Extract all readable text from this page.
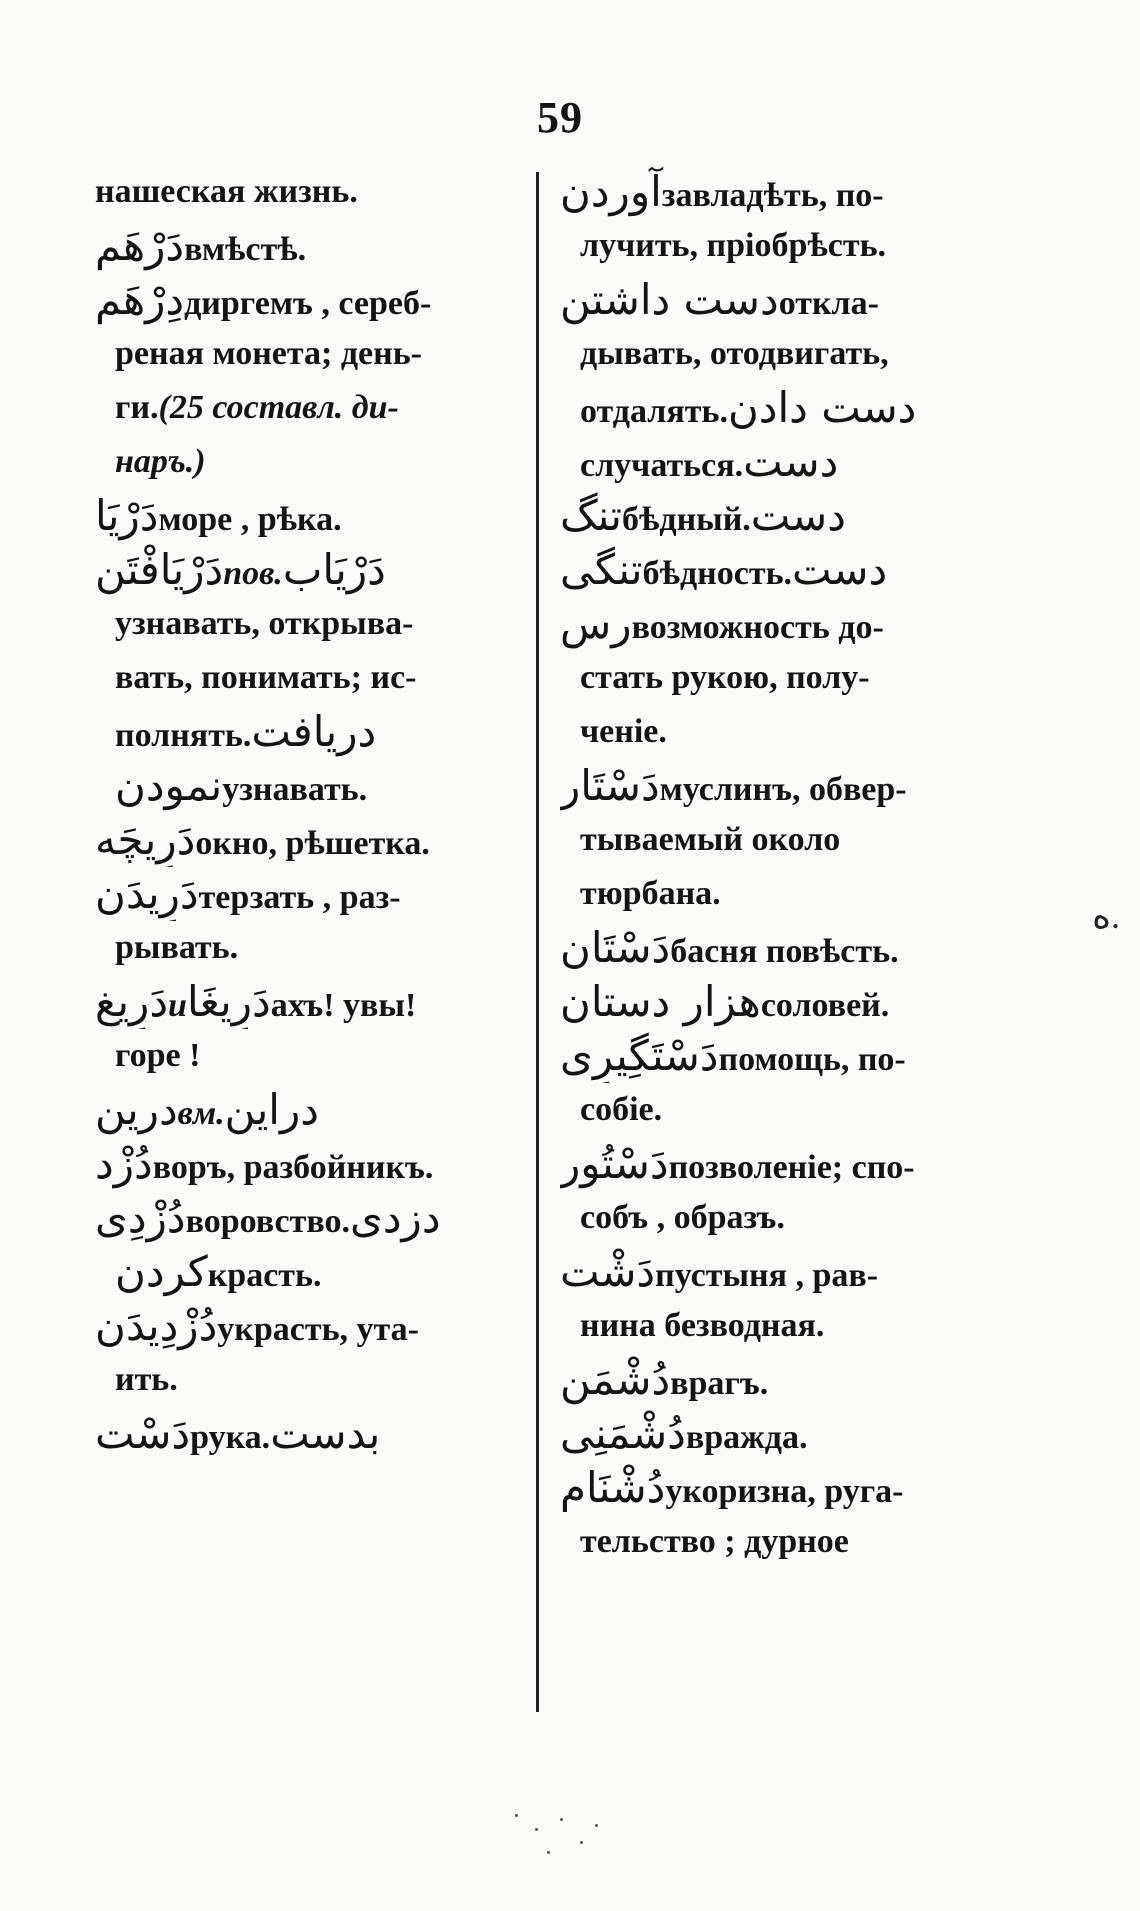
59
нашеская жизнь.
دَرْهَمвмѣстѣ.
دِرْهَمдиргемъ , сереб-
реная монета; день-
ги.(25 составл. ди-
наръ.)
دَرْيَاморе , рѣка.
دَرْيَافْتَنпов.دَرْيَاب
узнавать, открыва-
вать, понимать; ис-
полнять.دريافت
نمودنузнавать.
دَرِيچَهокно, рѣшетка.
دَرِيدَنтерзать , раз-
рывать.
دَرِيغиدَرِيغَاахъ! увы!
горе !
درينвм.دراين
دُزْدворъ, разбойникъ.
دُزْدِىворовство.دزدى
كردنкрасть.
دُزْدِيدَنукрасть, ута-
ить.
دَسْتрука.بدست
آوردنзавладѣть, по-
лучить, пріобрѣсть.
دست داشتنоткла-
дывать, отодвигать,
отдалять.دست دادن
случаться.دست
تنگбѣдный.دست
تنگىбѣдность.دست
رسвозможность до-
стать рукою, полу-
ченіе.
دَسْتَارмуслинъ, обвер-
тываемый около
тюрбана.
دَسْتَانбасня повѣсть.
هزار دستانсоловей.
دَسْتَگِيرِىпомощь, по-
собіе.
دَسْتُورпозволеніе; спо-
собъ , образъ.
دَشْتпустыня , рав-
нина безводная.
دُشْمَنврагъ.
دُشْمَنِىвражда.
دُشْنَامукоризна, руга-
тельство ; дурное
ﻩ.
